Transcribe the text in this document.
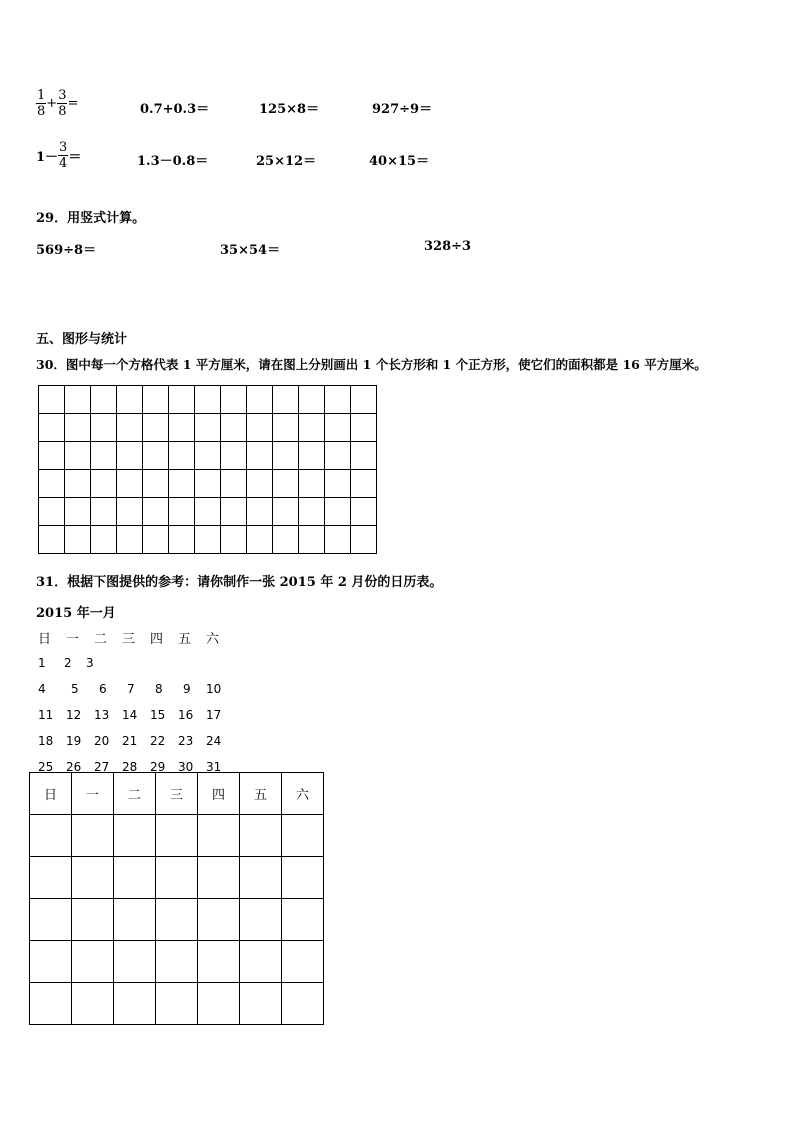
$\frac{1}{8} + \frac{3}{8}$ =	0.7+0.3＝	125×8＝	927÷9＝
$1- \frac{3}{4}$ ＝	1.3－0.8＝	25×12＝	40×15＝
29．用竖式计算。
569÷8＝	35×54＝	328÷3
五、图形与统计
30．图中每一个方格代表 1 平方厘米，请在图上分别画出 1 个长方形和 1 个正方形，使它们的面积都是 16 平方厘米。

31．根据下图提供的参考：请你制作一张 2015 年 2 月份的日历表。
2015 年一月
日 一 二 三 四 五 六
1 2 3
4 5 6 7 8 9 10
11 12 13 14 15 16 17
18 19 20 21 22 23 24
25 26 27 28 29 30 31
日	一	二	三	四	五	六
